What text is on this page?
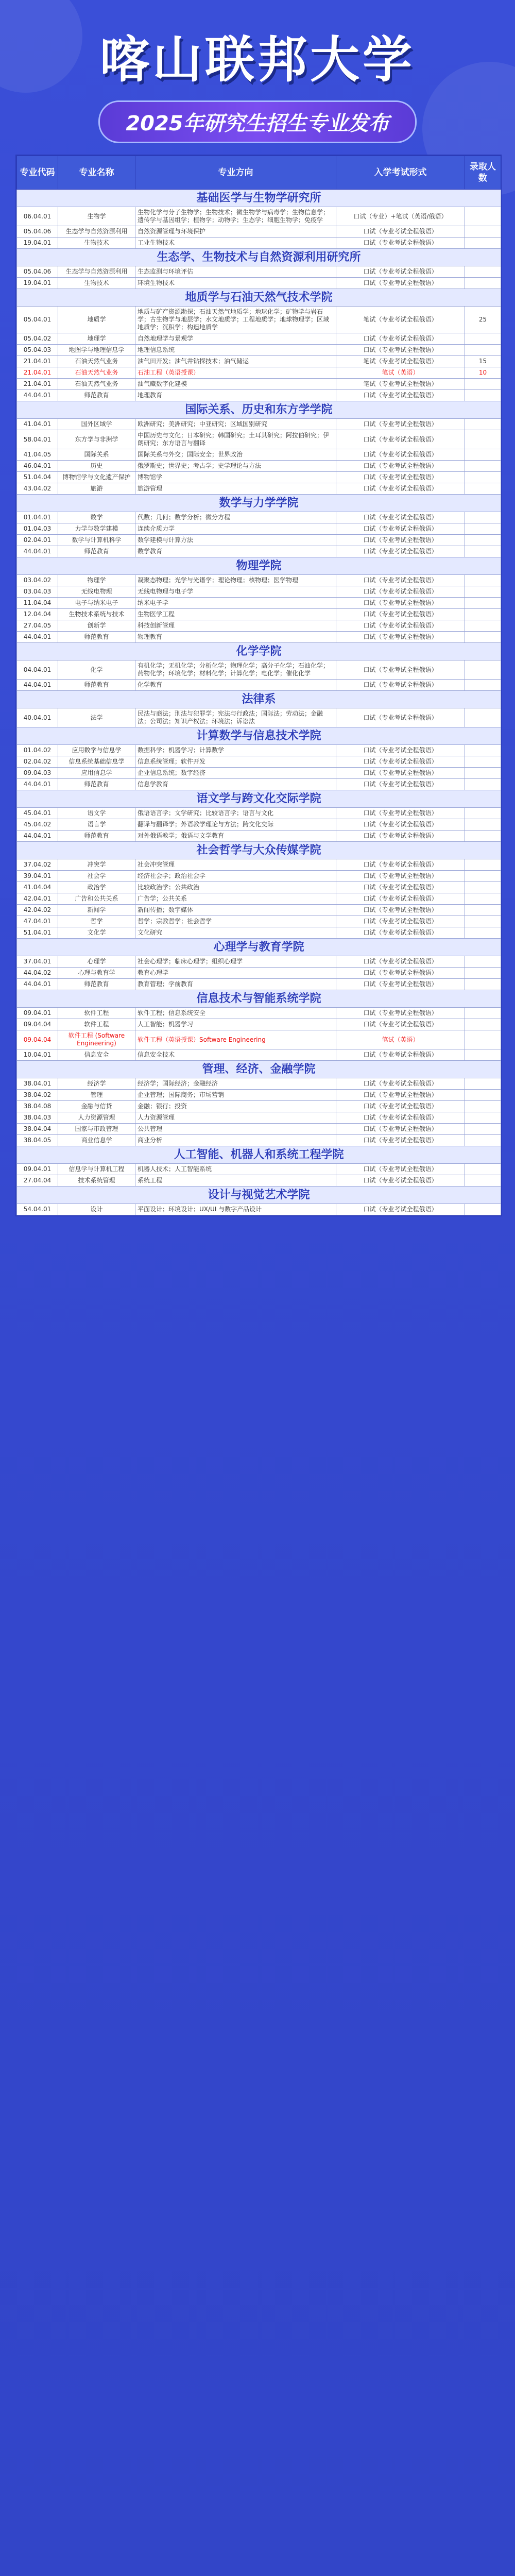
喀山联邦大学
2025年研究生招生专业发布
专业代码	专业名称	专业方向	入学考试形式	录取人数
基础医学与生物学研究所				
06.04.01	生物学	生物化学与分子生物学；生物技术；微生物学与病毒学；生物信息学；遗传学与基因组学；植物学；动物学；生态学；细胞生物学；免疫学	口试（专业）+笔试（英语/俄语）	
05.04.06	生态学与自然资源利用	自然资源管理与环境保护	口试（专业考试全程俄语）	
19.04.01	生物技术	工业生物技术	口试（专业考试全程俄语）	
生态学、生物技术与自然资源利用研究所				
05.04.06	生态学与自然资源利用	生态监测与环境评估	口试（专业考试全程俄语）	
19.04.01	生物技术	环境生物技术	口试（专业考试全程俄语）	
地质学与石油天然气技术学院				
05.04.01	地质学	地质与矿产资源勘探；石油天然气地质学；地球化学；矿物学与岩石学；古生物学与地层学；水文地质学；工程地质学；地球物理学；区域地质学；沉积学；构造地质学	笔试（专业考试全程俄语）	25
05.04.02	地理学	自然地理学与景观学	口试（专业考试全程俄语）	
05.04.03	地图学与地理信息学	地理信息系统	口试（专业考试全程俄语）	
21.04.01	石油天然气业务	油气田开发；油气井钻探技术；油气储运	笔试（专业考试全程俄语）	15
21.04.01	石油天然气业务	石油工程（英语授课）	笔试（英语）	10
21.04.01	石油天然气业务	油气藏数字化建模	笔试（专业考试全程俄语）	
44.04.01	师范教育	地理教育	口试（专业考试全程俄语）	
国际关系、历史和东方学学院				
41.04.01	国外区域学	欧洲研究；美洲研究；中亚研究；区域国别研究	口试（专业考试全程俄语）	
58.04.01	东方学与非洲学	中国历史与文化；日本研究；韩国研究；土耳其研究；阿拉伯研究；伊朗研究；东方语言与翻译	口试（专业考试全程俄语）	
41.04.05	国际关系	国际关系与外交；国际安全；世界政治	口试（专业考试全程俄语）	
46.04.01	历史	俄罗斯史；世界史；考古学；史学理论与方法	口试（专业考试全程俄语）	
51.04.04	博物馆学与文化遗产保护	博物馆学	口试（专业考试全程俄语）	
43.04.02	旅游	旅游管理	口试（专业考试全程俄语）	
数学与力学学院				
01.04.01	数学	代数；几何；数学分析；微分方程	口试（专业考试全程俄语）	
01.04.03	力学与数学建模	连续介质力学	口试（专业考试全程俄语）	
02.04.01	数学与计算机科学	数学建模与计算方法	口试（专业考试全程俄语）	
44.04.01	师范教育	数学教育	口试（专业考试全程俄语）	
物理学院				
03.04.02	物理学	凝聚态物理；光学与光谱学；理论物理；核物理；医学物理	口试（专业考试全程俄语）	
03.04.03	无线电物理	无线电物理与电子学	口试（专业考试全程俄语）	
11.04.04	电子与纳米电子	纳米电子学	口试（专业考试全程俄语）	
12.04.04	生物技术系统与技术	生物医学工程	口试（专业考试全程俄语）	
27.04.05	创新学	科技创新管理	口试（专业考试全程俄语）	
44.04.01	师范教育	物理教育	口试（专业考试全程俄语）	
化学学院				
04.04.01	化学	有机化学；无机化学；分析化学；物理化学；高分子化学；石油化学；药物化学；环境化学；材料化学；计算化学；电化学；催化化学	口试（专业考试全程俄语）	
44.04.01	师范教育	化学教育	口试（专业考试全程俄语）	
法律系				
40.04.01	法学	民法与商法；刑法与犯罪学；宪法与行政法；国际法；劳动法；金融法；公司法；知识产权法；环境法；诉讼法	口试（专业考试全程俄语）	
计算数学与信息技术学院				
01.04.02	应用数学与信息学	数据科学；机器学习；计算数学	口试（专业考试全程俄语）	
02.04.02	信息系统基础信息学	信息系统管理；软件开发	口试（专业考试全程俄语）	
09.04.03	应用信息学	企业信息系统；数字经济	口试（专业考试全程俄语）	
44.04.01	师范教育	信息学教育	口试（专业考试全程俄语）	
语文学与跨文化交际学院				
45.04.01	语文学	俄语语言学；文学研究；比较语言学；语言与文化	口试（专业考试全程俄语）	
45.04.02	语言学	翻译与翻译学；外语教学理论与方法；跨文化交际	口试（专业考试全程俄语）	
44.04.01	师范教育	对外俄语教学；俄语与文学教育	口试（专业考试全程俄语）	
社会哲学与大众传媒学院				
37.04.02	冲突学	社会冲突管理	口试（专业考试全程俄语）	
39.04.01	社会学	经济社会学；政治社会学	口试（专业考试全程俄语）	
41.04.04	政治学	比较政治学；公共政治	口试（专业考试全程俄语）	
42.04.01	广告和公共关系	广告学；公共关系	口试（专业考试全程俄语）	
42.04.02	新闻学	新闻传播；数字媒体	口试（专业考试全程俄语）	
47.04.01	哲学	哲学；宗教哲学；社会哲学	口试（专业考试全程俄语）	
51.04.01	文化学	文化研究	口试（专业考试全程俄语）	
心理学与教育学院				
37.04.01	心理学	社会心理学；临床心理学；组织心理学	口试（专业考试全程俄语）	
44.04.02	心理与教育学	教育心理学	口试（专业考试全程俄语）	
44.04.01	师范教育	教育管理；学前教育	口试（专业考试全程俄语）	
信息技术与智能系统学院				
09.04.01	软件工程	软件工程；信息系统安全	口试（专业考试全程俄语）	
09.04.04	软件工程	人工智能；机器学习	口试（专业考试全程俄语）	
09.04.04	软件工程 (Software Engineering)	软件工程（英语授课）Software Engineering	笔试（英语）	
10.04.01	信息安全	信息安全技术	口试（专业考试全程俄语）	
管理、经济、金融学院				
38.04.01	经济学	经济学；国际经济；金融经济	口试（专业考试全程俄语）	
38.04.02	管理	企业管理；国际商务；市场营销	口试（专业考试全程俄语）	
38.04.08	金融与信贷	金融；银行；投资	口试（专业考试全程俄语）	
38.04.03	人力资源管理	人力资源管理	口试（专业考试全程俄语）	
38.04.04	国家与市政管理	公共管理	口试（专业考试全程俄语）	
38.04.05	商业信息学	商业分析	口试（专业考试全程俄语）	
人工智能、机器人和系统工程学院				
09.04.01	信息学与计算机工程	机器人技术；人工智能系统	口试（专业考试全程俄语）	
27.04.04	技术系统管理	系统工程	口试（专业考试全程俄语）	
设计与视觉艺术学院				
54.04.01	设计	平面设计；环境设计；UX/UI 与数字产品设计	口试（专业考试全程俄语）	
